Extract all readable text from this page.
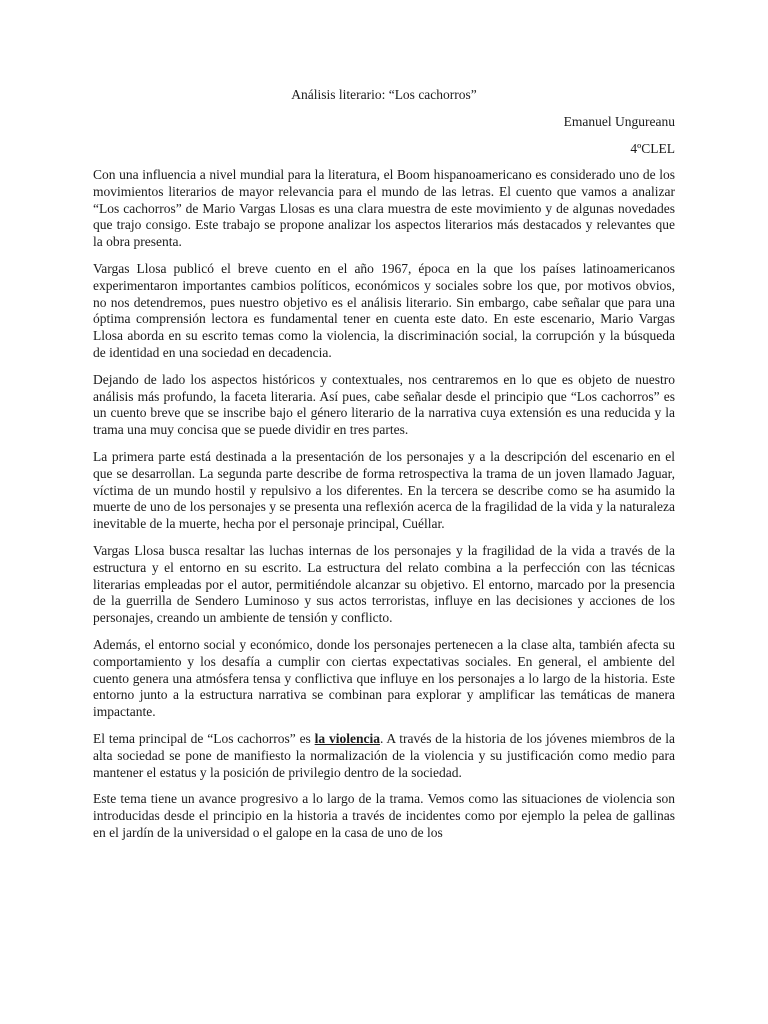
Análisis literario: “Los cachorros”

Emanuel Ungureanu

4ºCLEL

Con una influencia a nivel mundial para la literatura, el Boom hispanoamericano es considerado uno de los movimientos literarios de mayor relevancia para el mundo de las letras. El cuento que vamos a analizar “Los cachorros” de Mario Vargas Llosas es una clara muestra de este movimiento y de algunas novedades que trajo consigo. Este trabajo se propone analizar los aspectos literarios más destacados y relevantes que la obra presenta.

Vargas Llosa publicó el breve cuento en el año 1967, época en la que los países latinoamericanos experimentaron importantes cambios políticos, económicos y sociales sobre los que, por motivos obvios, no nos detendremos, pues nuestro objetivo es el análisis literario. Sin embargo, cabe señalar que para una óptima comprensión lectora es fundamental tener en cuenta este dato. En este escenario, Mario Vargas Llosa aborda en su escrito temas como la violencia, la discriminación social, la corrupción y la búsqueda de identidad en una sociedad en decadencia.

Dejando de lado los aspectos históricos y contextuales, nos centraremos en lo que es objeto de nuestro análisis más profundo, la faceta literaria. Así pues, cabe señalar desde el principio que “Los cachorros” es un cuento breve que se inscribe bajo el género literario de la narrativa cuya extensión es una reducida y la trama una muy concisa que se puede dividir en tres partes.

La primera parte está destinada a la presentación de los personajes y a la descripción del escenario en el que se desarrollan. La segunda parte describe de forma retrospectiva la trama de un joven llamado Jaguar, víctima de un mundo hostil y repulsivo a los diferentes. En la tercera se describe como se ha asumido la muerte de uno de los personajes y se presenta una reflexión acerca de la fragilidad de la vida y la naturaleza inevitable de la muerte, hecha por el personaje principal, Cuéllar.

Vargas Llosa busca resaltar las luchas internas de los personajes y la fragilidad de la vida a través de la estructura y el entorno en su escrito. La estructura del relato combina a la perfección con las técnicas literarias empleadas por el autor, permitiéndole alcanzar su objetivo. El entorno, marcado por la presencia de la guerrilla de Sendero Luminoso y sus actos terroristas, influye en las decisiones y acciones de los personajes, creando un ambiente de tensión y conflicto.

Además, el entorno social y económico, donde los personajes pertenecen a la clase alta, también afecta su comportamiento y los desafía a cumplir con ciertas expectativas sociales. En general, el ambiente del cuento genera una atmósfera tensa y conflictiva que influye en los personajes a lo largo de la historia. Este entorno junto a la estructura narrativa se combinan para explorar y amplificar las temáticas de manera impactante.

El tema principal de “Los cachorros” es la violencia. A través de la historia de los jóvenes miembros de la alta sociedad se pone de manifiesto la normalización de la violencia y su justificación como medio para mantener el estatus y la posición de privilegio dentro de la sociedad.

Este tema tiene un avance progresivo a lo largo de la trama. Vemos como las situaciones de violencia son introducidas desde el principio en la historia a través de incidentes como por ejemplo la pelea de gallinas en el jardín de la universidad o el galope en la casa de uno de los
